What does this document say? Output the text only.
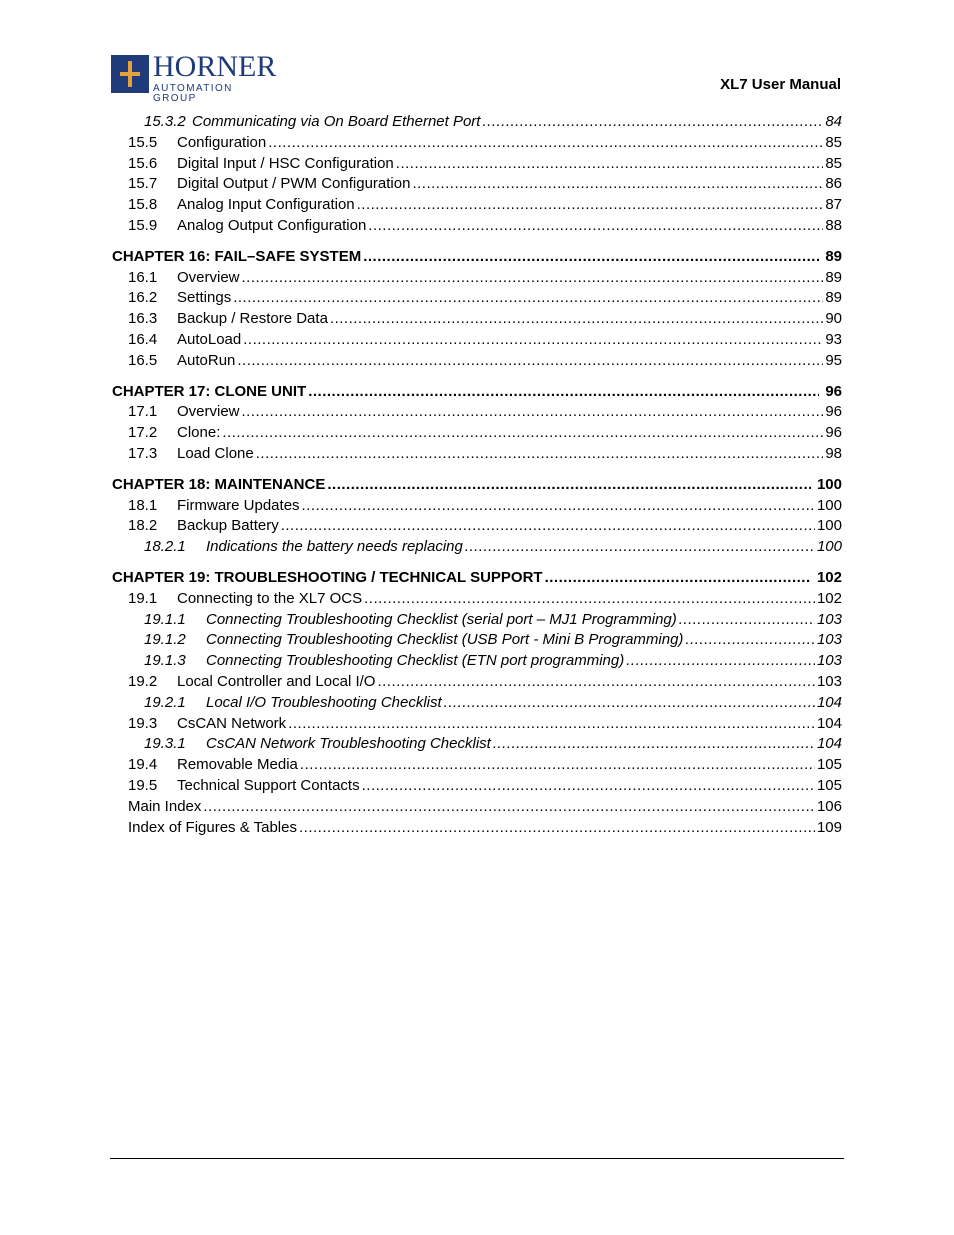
HORNER
AUTOMATION GROUP
XL7 User Manual
15.3.2 Communicating via On Board Ethernet Port .....	84
15.5	Configuration .....	85
15.6	Digital Input / HSC Configuration .....	85
15.7	Digital Output / PWM Configuration .....	86
15.8	Analog Input Configuration .....	87
15.9	Analog Output Configuration .....	88
CHAPTER 16: FAIL–SAFE SYSTEM .....	89
16.1	Overview .....	89
16.2	Settings .....	89
16.3	Backup / Restore Data .....	90
16.4	AutoLoad .....	93
16.5	AutoRun .....	95
CHAPTER 17: CLONE UNIT .....	96
17.1	Overview .....	96
17.2	Clone: .....	96
17.3	Load Clone .....	98
CHAPTER 18: MAINTENANCE .....	100
18.1	Firmware Updates .....	100
18.2	Backup Battery .....	100
18.2.1	Indications the battery needs replacing .....	100
CHAPTER 19: TROUBLESHOOTING / TECHNICAL SUPPORT .....	102
19.1	Connecting to the XL7 OCS .....	102
19.1.1	Connecting Troubleshooting Checklist (serial port – MJ1 Programming) .....	103
19.1.2	Connecting Troubleshooting Checklist (USB Port - Mini B Programming) .....	103
19.1.3	Connecting Troubleshooting Checklist (ETN port programming) .....	103
19.2	Local Controller and Local I/O .....	103
19.2.1	Local I/O Troubleshooting Checklist .....	104
19.3	CsCAN Network .....	104
19.3.1	CsCAN Network Troubleshooting Checklist .....	104
19.4	Removable Media .....	105
19.5	Technical Support Contacts .....	105
Main Index .....	106
Index of Figures & Tables .....	109
